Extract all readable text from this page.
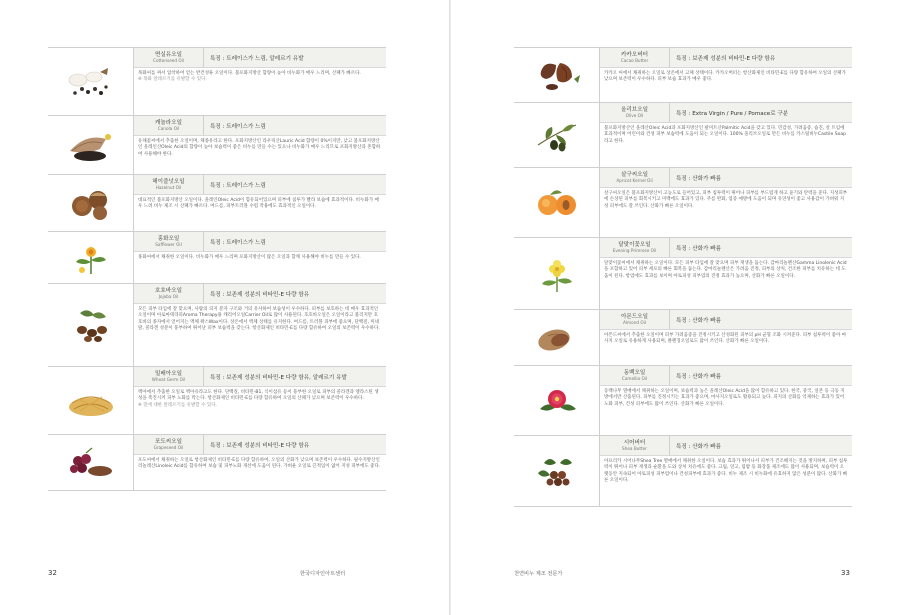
면실유오일
Cottonseed Oil	특징 : 트레이스가 느림, 알레르기 유발
목화씨를 짜서 압착하여 얻는 반건성류 오일이다. 불포화지방산 함량이 높아 비누화가 매우 느리며, 산패가 빠르다.
※ 목화 알레르기를 유발할 수 있다.
캐놀라오일
Canola Oil	특징 : 트레이스가 느림
유채꽃씨에서 추출한 오일이며, 채종유라고 한다. 포화지방산인 라우릭산Lauric Acid 함량이 0%이지만, 낮고 불포화지방산인 올레인산Oleic Acid의 함량이 높아 보습력이 좋은 비누를 만들 수는 있으나 비누화가 매우 느리므로 포화지방산과 혼합하여 사용해야 한다.
헤이즐넛오일
Hazelnut Oil	특징 : 트레이스가 느림
대표적인 불포화지방산 오일이다. 올레인Oleic Acid이 함유되어있으며 피부에 침투가 빨라 보습에 효과적이다. 비누화가 매우 느려 비누 제조 시 산패가 빠르다. 여드름, 피부트러블 수렴 작용에도 효과적인 오일이다.
홍화오일
Safflower Oil	특징 : 트레이스가 느림
홍화씨에서 채취한 오일이다. 비누화가 매우 느리며 포화지방산이 많은 오일과 함께 사용해야 비누를 만들 수 있다.
호호바오일
Jojoba Oil	특징 : 보존제 성분의 비타민-E 다량 함유
모든 피부 타입에 잘 맞으며, 사람의 피지 분자 구조와 거의 유사하여 보습성이 우수하다. 피부를 보호하는 데 매우 효과적인 오일이며 아로마테라피Aroma Therapy용 캐리어오일Carrier Oil로 많이 사용된다. 호호바오일은 오일이라고 불리지만 호호바의 종자에서 얻어지는 액체 왁스Wax이다. 상온에서 액체 상태를 유지한다. 여드름, 트러블 피부에 좋으며, 단백질, 미네랄, 콜라겐 성분이 풍부하여 뛰어난 피부 보습력을 갖는다. 항산화제인 비타민-E를 다량 함유하여 오일의 보존력이 우수하다.
밀배아오일
Wheat Germ Oil	특징 : 보존제 성분의 비타민-E 다량 함유, 알레르기 유발
맥아에서 추출한 오일로 맥아유라고도 한다. 단백질, 비타민-B1, 식이섬유 등이 풍부한 오일로 피부의 콜라겐과 엘라스틴 생성을 촉진시켜 피부 노화를 막는다. 항산화제인 비타민-E를 다량 함유하여 오일의 산패가 낮으며 보존력이 우수하다.
※ 밀에 대한 알레르기를 유발할 수 있다.
포도씨오일
Grapeseed Oil	특징 : 보존제 성분의 비타민-E 다량 함유
포도씨에서 채취하는 오일로 항산화제인 비타민-E를 다량 함유하여, 오일의 산화가 낮으며 보존력이 우수하다. 필수지방산인 리놀레산Linoleic Acid를 함유하여 보습 및 피부노화 개선에 도움이 된다. 가벼운 오일로 끈적임이 없어 지성 피부에도 좋다.
32	한국디자인아트센터
카카오버터
Cacao Butter	특징 : 보존제 성분의 비타민-E 다량 함유
카카오 씨에서 채취하는 오일로 상온에서 고체 상태이다. 카카오버터는 항산화제인 비타민-E를 다량 함유하여 오일의 산패가 낮으며 보존력이 우수하다. 피부 보습 효과가 매우 좋다.
올리브오일
Olive Oil	특징 : Extra Virgin / Pure / Pomace로 구분
불포화지방산인 올레산Oleic Acid과 포화지방산인 팔미트산Palmitic Acid을 갖고 있다. 민감성, 가려움증, 습진, 살 트임에 효과적이며 어린이와 건성 피부 보습력에 도움이 되는 오일이다. 100% 올리브오일로 만든 비누를 카스틸비누Castile Soap라고 한다.
살구씨오일
Apricot Kernel Oil	특징 : 산화가 빠름
살구씨오일은 불포화지방산이 고농도로 들어있고, 피부 침투력이 뛰어나 피부를 부드럽게 하고 윤기와 탄력을 준다. 지성피부에 손상된 피부를 회복시키고 미백에도 효과가 있다. 주름 완화, 염증 예방에 도움이 되며 유연성이 좋고 사용감이 가벼워 지성 피부에도 잘 쓰인다. 산화가 빠른 오일이다.
달맞이꽃오일
Evening Primrose Oil	특징 : 산화가 빠름
달맞이꽃씨에서 채취하는 오일이다. 모든 피부 타입에 잘 맞으며 피부 재생을 돕는다. 감마리놀렌산Gamma Linolenic Acid을 포함하고 있어 피부 세포의 빠른 회복을 돕는다. 감마리놀렌산은 가려움 진정, 피부의 상처, 건조한 피부를 치유하는 데 도움이 된다. 항염에도 효과를 보이며 아토피성 피부염의 진정 효과가 높으며, 산화가 빠른 오일이다.
아몬드오일
Almond Oil	특징 : 산화가 빠름
아몬드씨에서 추출한 오일이며 피부 가려움증을 진정시키고 산성화된 피부의 pH 균형 조화 시켜준다. 피부 침투력이 좋아 마사지 오일로 유용하게 사용되며, 클렌징오일로도 많이 쓰인다. 산화가 빠른 오일이다.
동백오일
Camellia Oil	특징 : 산화가 빠름
동백나무 열매에서 채취하는 오일이며, 보습력과 높은 올레산Oleic Acid을 많이 함유하고 있다. 한국, 중국, 일본 등 극동 지방에서만 산출된다. 피부를 진정시키는 효과가 좋으며, 마사지오일로도 활용되고 높다. 피지의 산화를 억제하는 효과가 있어 노화 피부, 건성 피부에도 많이 쓰인다. 산화가 빠른 오일이다.
시어버터
Shea Butter	특징 : 산화가 빠름
아프리카 시어나무Shea Tree 열매에서 채취한 오일이다. 보습 효과가 뛰어나서 피부가 건조해지는 것을 방지하며, 피부 침투력이 뛰어나 피부 재생과 순환을 도와 상처 치유에도 좋다. 크림, 연고, 립밤 등 화장품 제조에도 많이 사용되며, 보습력이 오랫동안 지속되어 아토피성 피부염이나 건성피부에 효과가 좋다. 비누 제조 시 비누화에 유효하지 않은 성분이 많다. 산화가 빠른 오일이다.
천연비누 제조 전문가	33
